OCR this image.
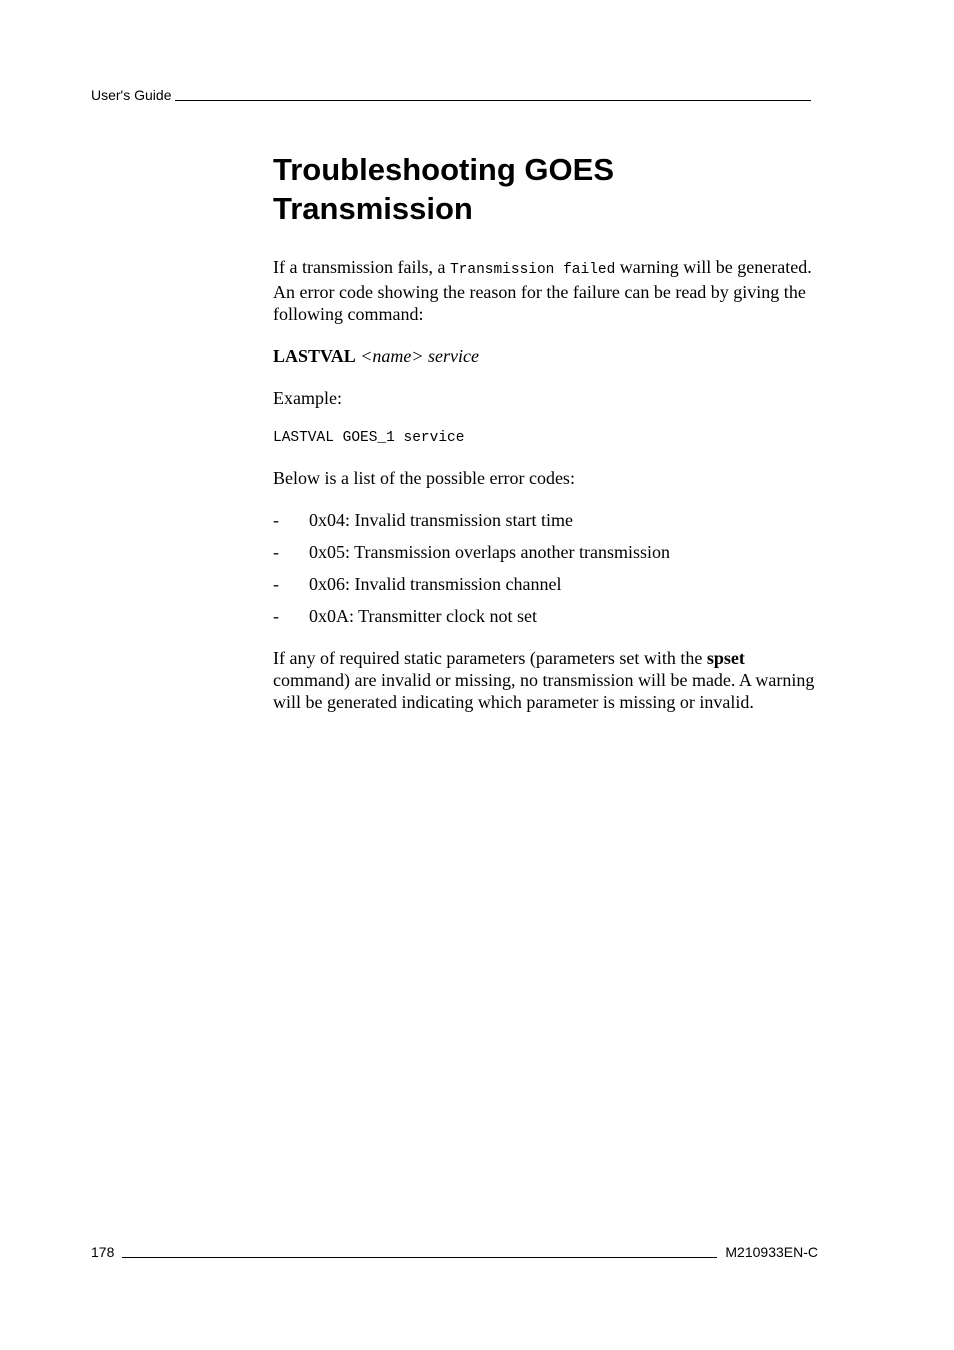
User's Guide
Troubleshooting GOES Transmission

If a transmission fails, a Transmission failed warning will be generated. An error code showing the reason for the failure can be read by giving the following command:

LASTVAL <name> service

Example:

LASTVAL GOES_1 service

Below is a list of the possible error codes:

-	0x04: Invalid transmission start time
-	0x05: Transmission overlaps another transmission
-	0x06: Invalid transmission channel
-	0x0A: Transmitter clock not set

If any of required static parameters (parameters set with the spset command) are invalid or missing, no transmission will be made. A warning will be generated indicating which parameter is missing or invalid.

178	M210933EN-C
